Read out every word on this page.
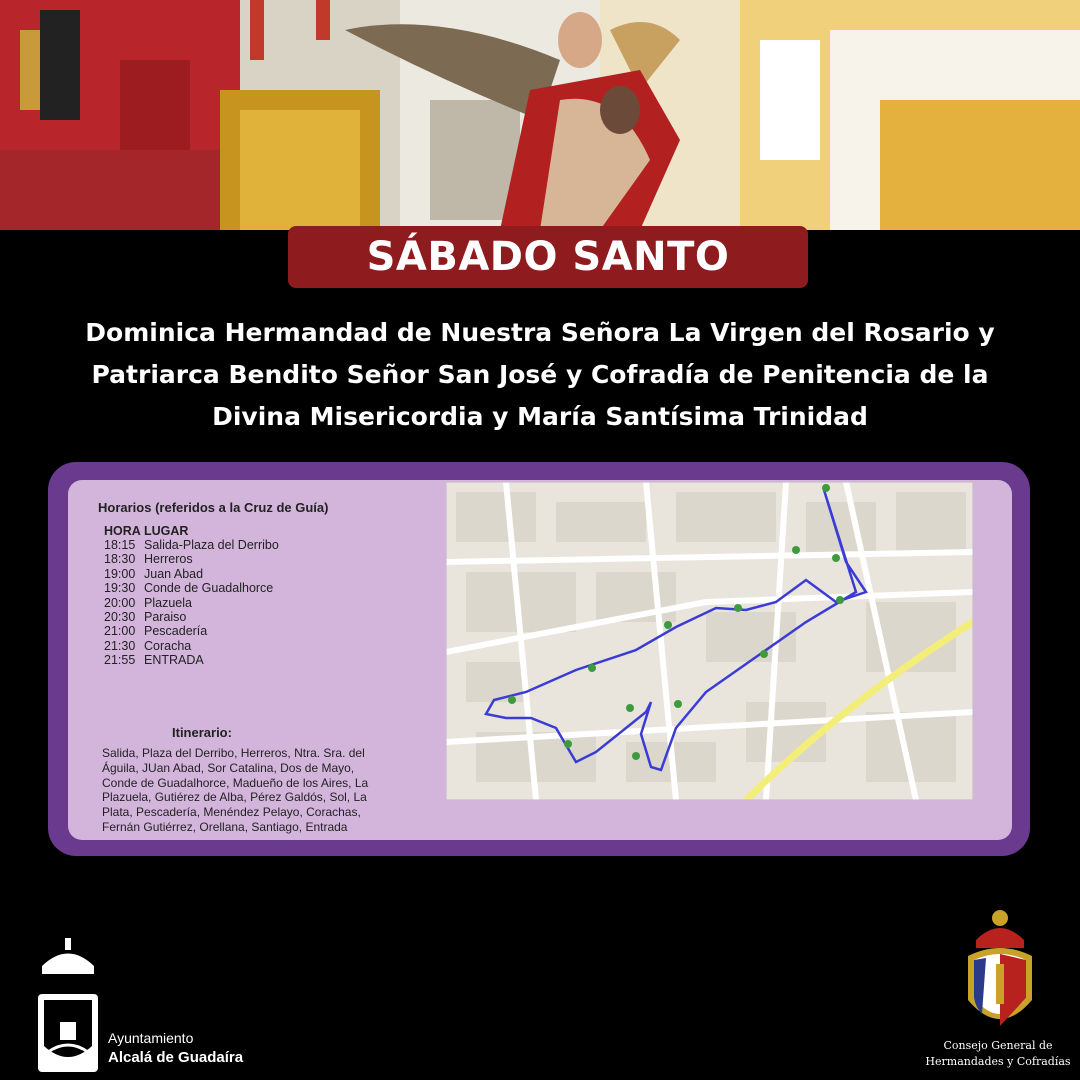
SÁBADO SANTO
Dominica Hermandad de Nuestra Señora La Virgen del Rosario y Patriarca Bendito Señor San José y Cofradía de Penitencia de la Divina Misericordia y María Santísima Trinidad
Horarios (referidos a la Cruz de Guía)
HORA LUGAR
18:15 Salida-Plaza del Derribo
18:30 Herreros
19:00 Juan Abad
19:30 Conde de Guadalhorce
20:00 Plazuela
20:30 Paraiso
21:00 Pescadería
21:30 Coracha
21:55 ENTRADA
Itinerario:
Salida, Plaza del Derribo, Herreros, Ntra. Sra. del Águila, JUan Abad, Sor Catalina, Dos de Mayo, Conde de Guadalhorce, Madueño de los Aires, La Plazuela, Gutiérez de Alba, Pérez Galdós, Sol, La Plata, Pescadería, Menéndez Pelayo, Corachas, Fernán Gutiérrez, Orellana, Santiago, Entrada
Ayuntamiento
Alcalá de Guadaíra
Consejo General de
Hermandades y Cofradías
